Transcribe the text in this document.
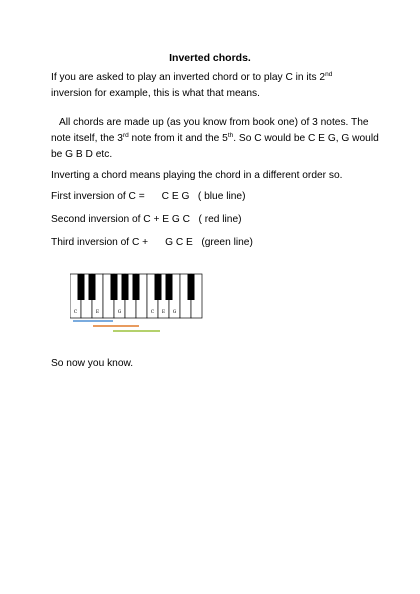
Inverted chords.
If you are asked to play an inverted chord or to play C in its 2nd
inversion for example, this is what that means.
All chords are made up (as you know from book one) of 3 notes. The note itself, the 3rd note from it and the 5th. So C would be C E G, G would be G B D etc.
Inverting a chord means playing the chord in a different order so.
First inversion of C =      C E G   ( blue line)
Second inversion of C + E G C   ( red line)
Third inversion of C +      G C E   (green line)
C	E	G	C E G
So now you know.
